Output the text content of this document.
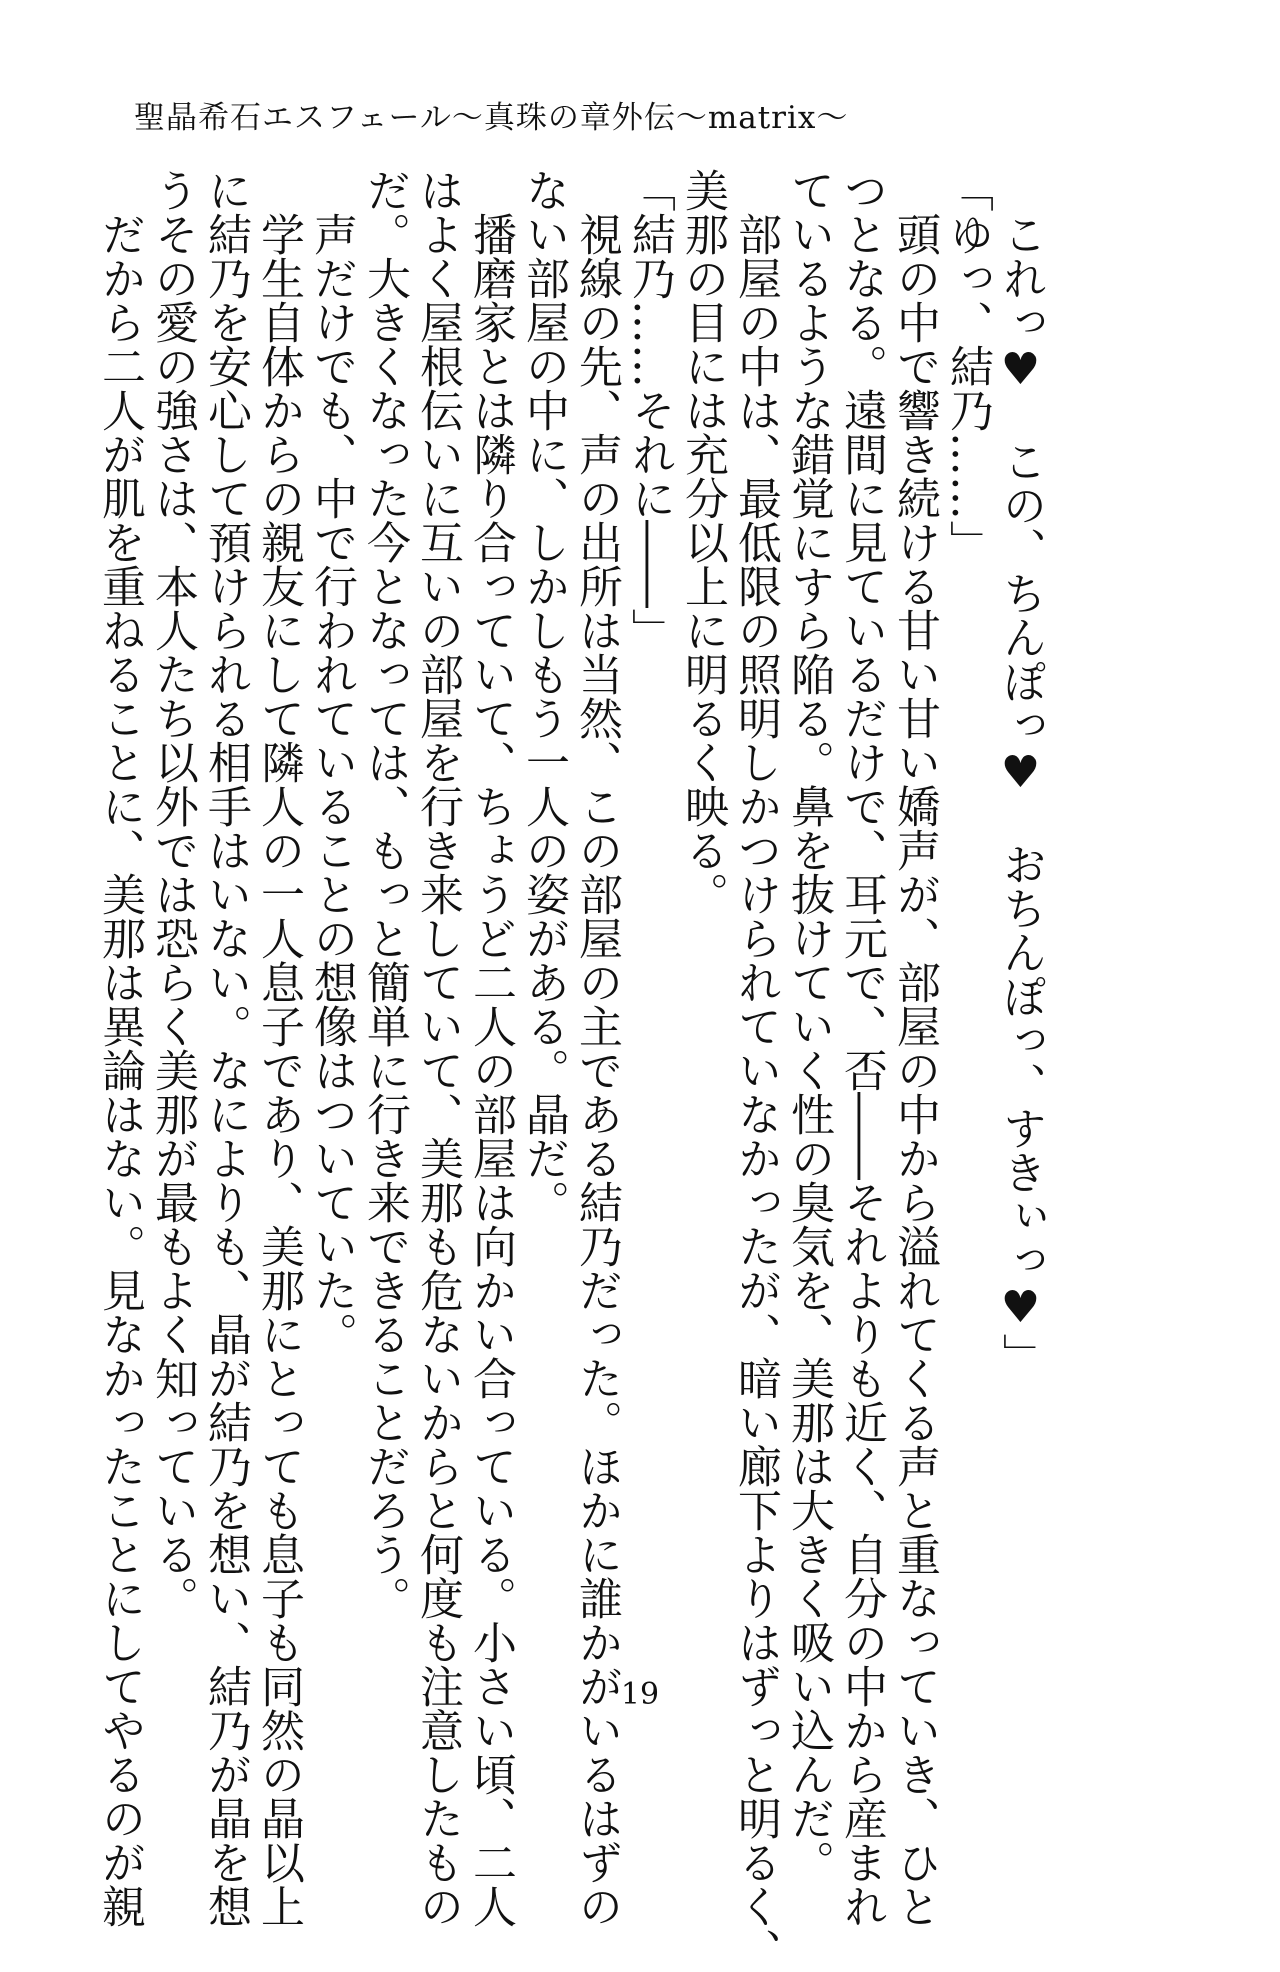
聖晶希石エスフェール〜真珠の章外伝〜matrix〜

これっ♥　この、ちんぽっ♥　おちんぽっ、すきぃっ♥」

「ゆっ、結乃……」

頭の中で響き続ける甘い甘い嬌声が、部屋の中から溢れてくる声と重なっていき、ひと

つとなる。遠間に見ているだけで、耳元で、否――それよりも近く、自分の中から産まれ

ているような錯覚にすら陥る。鼻を抜けていく性の臭気を、美那は大きく吸い込んだ。

部屋の中は、最低限の照明しかつけられていなかったが、暗い廊下よりはずっと明るく、

美那の目には充分以上に明るく映る。

「結乃……それに――」

視線の先、声の出所は当然、この部屋の主である結乃だった。ほかに誰かがいるはずの

ない部屋の中に、しかしもう一人の姿がある。晶だ。

播磨家とは隣り合っていて、ちょうど二人の部屋は向かい合っている。小さい頃、二人

はよく屋根伝いに互いの部屋を行き来していて、美那も危ないからと何度も注意したもの

だ。大きくなった今となっては、もっと簡単に行き来できることだろう。

声だけでも、中で行われていることの想像はついていた。

学生自体からの親友にして隣人の一人息子であり、美那にとっても息子も同然の晶以上

に結乃を安心して預けられる相手はいない。なによりも、晶が結乃を想い、結乃が晶を想

うその愛の強さは、本人たち以外では恐らく美那が最もよく知っている。

だから二人が肌を重ねることに、美那は異論はない。見なかったことにしてやるのが親	19
